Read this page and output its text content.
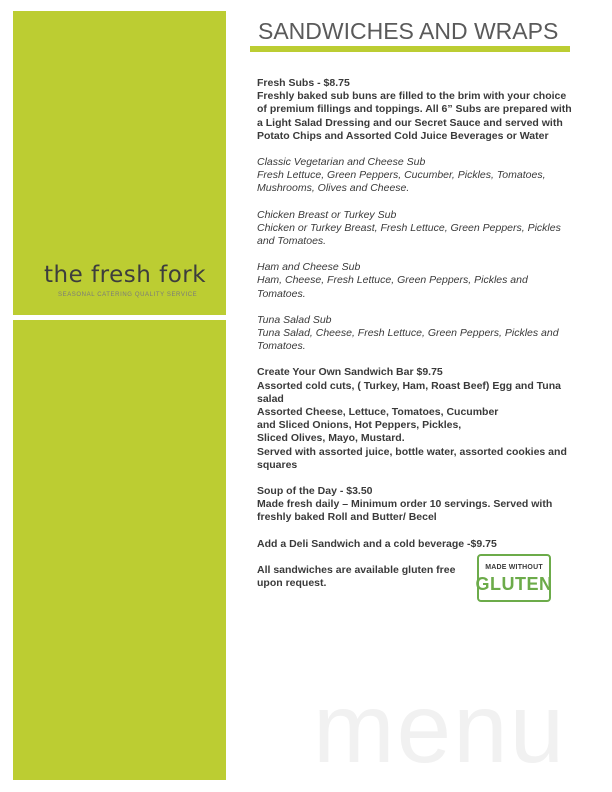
the fresh fork
SEASONAL CATERING QUALITY SERVICE
SANDWICHES AND WRAPS
Fresh Subs - $8.75
Freshly baked sub buns are filled to the brim with your choice of premium fillings and toppings. All 6” Subs are prepared with a Light Salad Dressing and our Secret Sauce and served with Potato Chips and Assorted Cold Juice Beverages or Water
Classic Vegetarian and Cheese Sub
Fresh Lettuce, Green Peppers, Cucumber, Pickles, Tomatoes, Mushrooms, Olives and Cheese.
Chicken Breast or Turkey Sub
Chicken or Turkey Breast, Fresh Lettuce, Green Peppers, Pickles and Tomatoes.
Ham and Cheese Sub
Ham, Cheese, Fresh Lettuce, Green Peppers, Pickles and Tomatoes.
Tuna Salad Sub
Tuna Salad, Cheese, Fresh Lettuce, Green Peppers, Pickles and Tomatoes.
Create Your Own Sandwich Bar $9.75
Assorted cold cuts, ( Turkey, Ham, Roast Beef) Egg and Tuna salad
Assorted Cheese, Lettuce, Tomatoes, Cucumber
and Sliced Onions, Hot Peppers, Pickles,
Sliced Olives, Mayo, Mustard.
Served with assorted juice, bottle water, assorted cookies and squares
Soup of the Day - $3.50
Made fresh daily – Minimum order 10 servings. Served with freshly baked Roll and Butter/ Becel
Add a Deli Sandwich and a cold beverage -$9.75
All sandwiches are available gluten free upon request.
MADE WITHOUT
GLUTEN
menu
